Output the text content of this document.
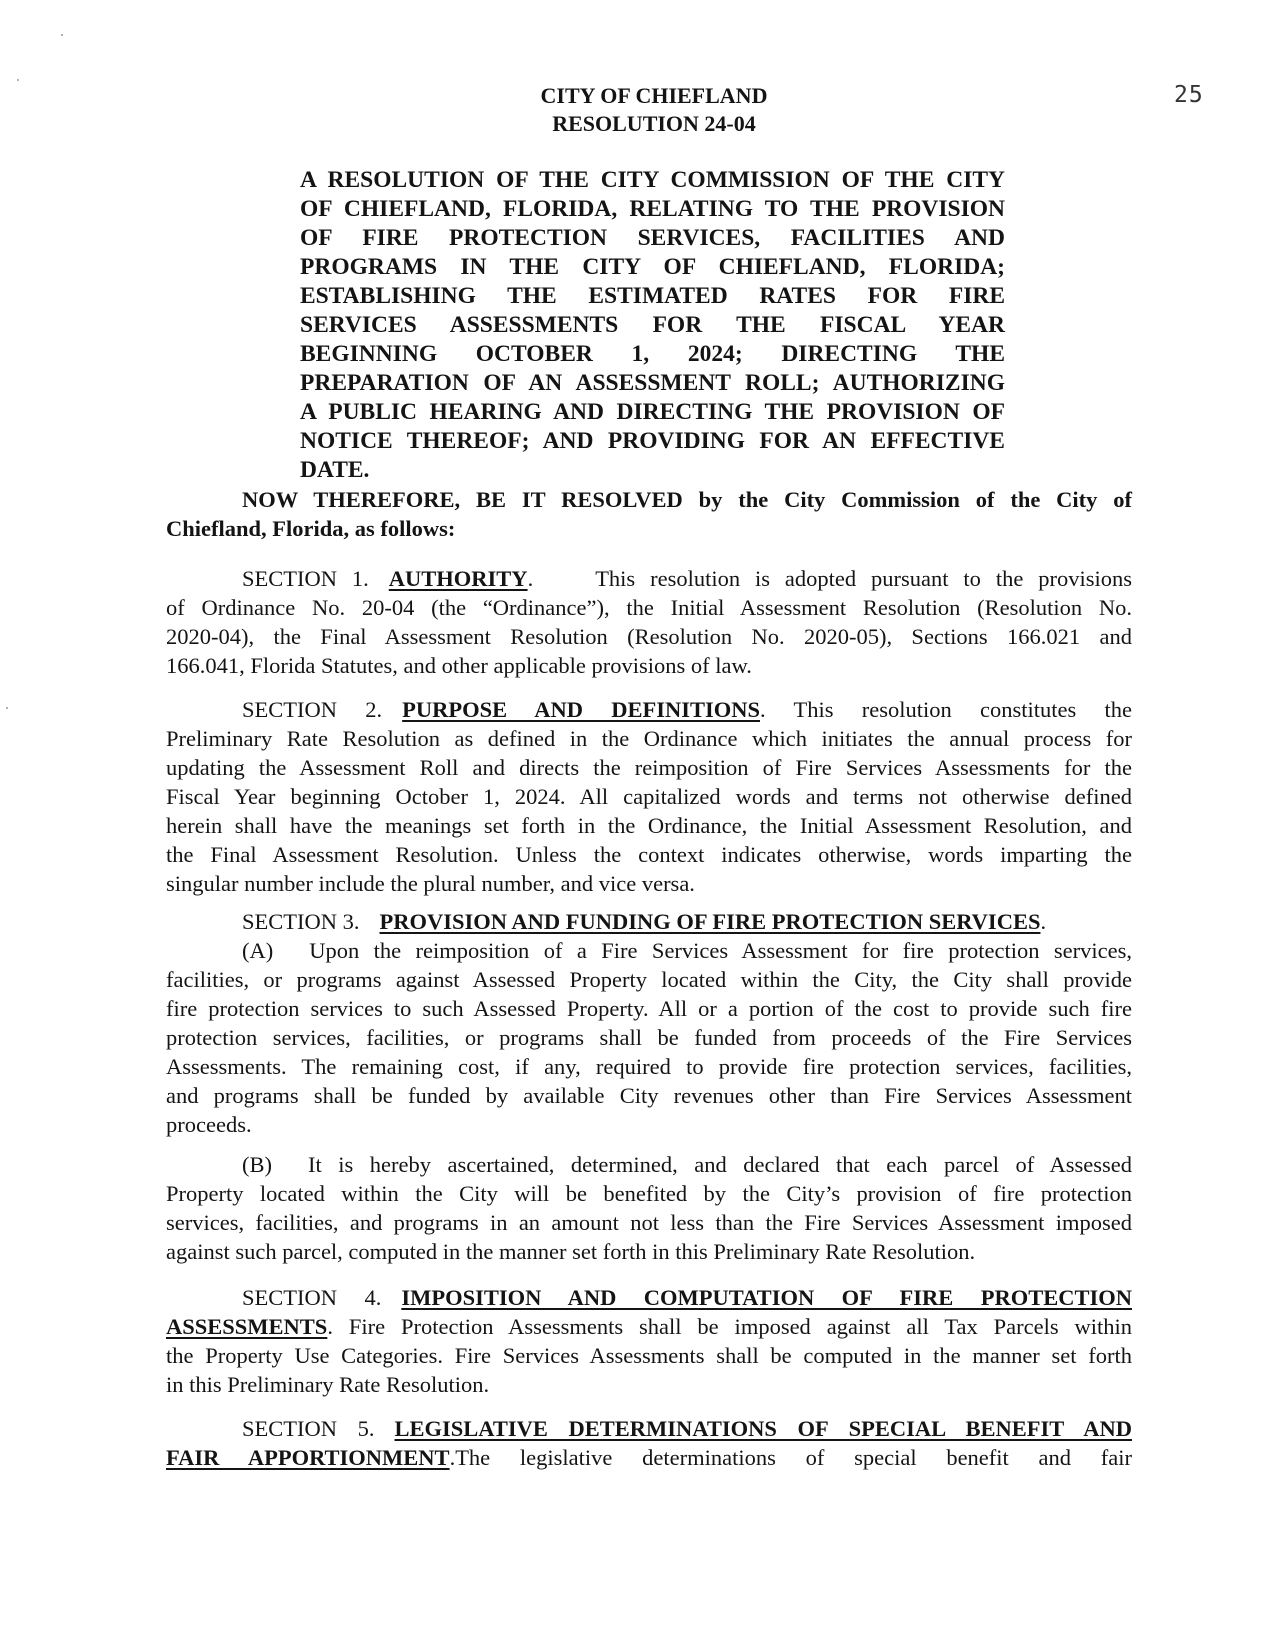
25
CITY OF CHIEFLAND
RESOLUTION 24-04
A RESOLUTION OF THE CITY COMMISSION OF THE CITY
OF CHIEFLAND, FLORIDA, RELATING TO THE PROVISION
OF FIRE PROTECTION SERVICES, FACILITIES AND
PROGRAMS IN THE CITY OF CHIEFLAND, FLORIDA;
ESTABLISHING THE ESTIMATED RATES FOR FIRE
SERVICES ASSESSMENTS FOR THE FISCAL YEAR
BEGINNING OCTOBER 1, 2024; DIRECTING THE
PREPARATION OF AN ASSESSMENT ROLL; AUTHORIZING
A PUBLIC HEARING AND DIRECTING THE PROVISION OF
NOTICE THEREOF; AND PROVIDING FOR AN EFFECTIVE
DATE.
NOW THEREFORE, BE IT RESOLVED by the City Commission of the City of
Chiefland, Florida, as follows:
SECTION 1. AUTHORITY.	This resolution is adopted pursuant to the provisions
of Ordinance No. 20-04 (the “Ordinance”), the Initial Assessment Resolution (Resolution No.
2020-04), the Final Assessment Resolution (Resolution No. 2020-05), Sections 166.021 and
166.041, Florida Statutes, and other applicable provisions of law.
SECTION 2. PURPOSE AND DEFINITIONS. This resolution constitutes the
Preliminary Rate Resolution as defined in the Ordinance which initiates the annual process for
updating the Assessment Roll and directs the reimposition of Fire Services Assessments for the
Fiscal Year beginning October 1, 2024. All capitalized words and terms not otherwise defined
herein shall have the meanings set forth in the Ordinance, the Initial Assessment Resolution, and
the Final Assessment Resolution. Unless the context indicates otherwise, words imparting the
singular number include the plural number, and vice versa.
SECTION 3. PROVISION AND FUNDING OF FIRE PROTECTION SERVICES.
(A) Upon the reimposition of a Fire Services Assessment for fire protection services,
facilities, or programs against Assessed Property located within the City, the City shall provide
fire protection services to such Assessed Property. All or a portion of the cost to provide such fire
protection services, facilities, or programs shall be funded from proceeds of the Fire Services
Assessments. The remaining cost, if any, required to provide fire protection services, facilities,
and programs shall be funded by available City revenues other than Fire Services Assessment
proceeds.
(B) It is hereby ascertained, determined, and declared that each parcel of Assessed
Property located within the City will be benefited by the City’s provision of fire protection
services, facilities, and programs in an amount not less than the Fire Services Assessment imposed
against such parcel, computed in the manner set forth in this Preliminary Rate Resolution.
SECTION 4. IMPOSITION AND COMPUTATION OF FIRE PROTECTION
ASSESSMENTS. Fire Protection Assessments shall be imposed against all Tax Parcels within
the Property Use Categories. Fire Services Assessments shall be computed in the manner set forth
in this Preliminary Rate Resolution.
SECTION 5. LEGISLATIVE DETERMINATIONS OF SPECIAL BENEFIT AND
FAIR APPORTIONMENT.The legislative determinations of special benefit and fair
